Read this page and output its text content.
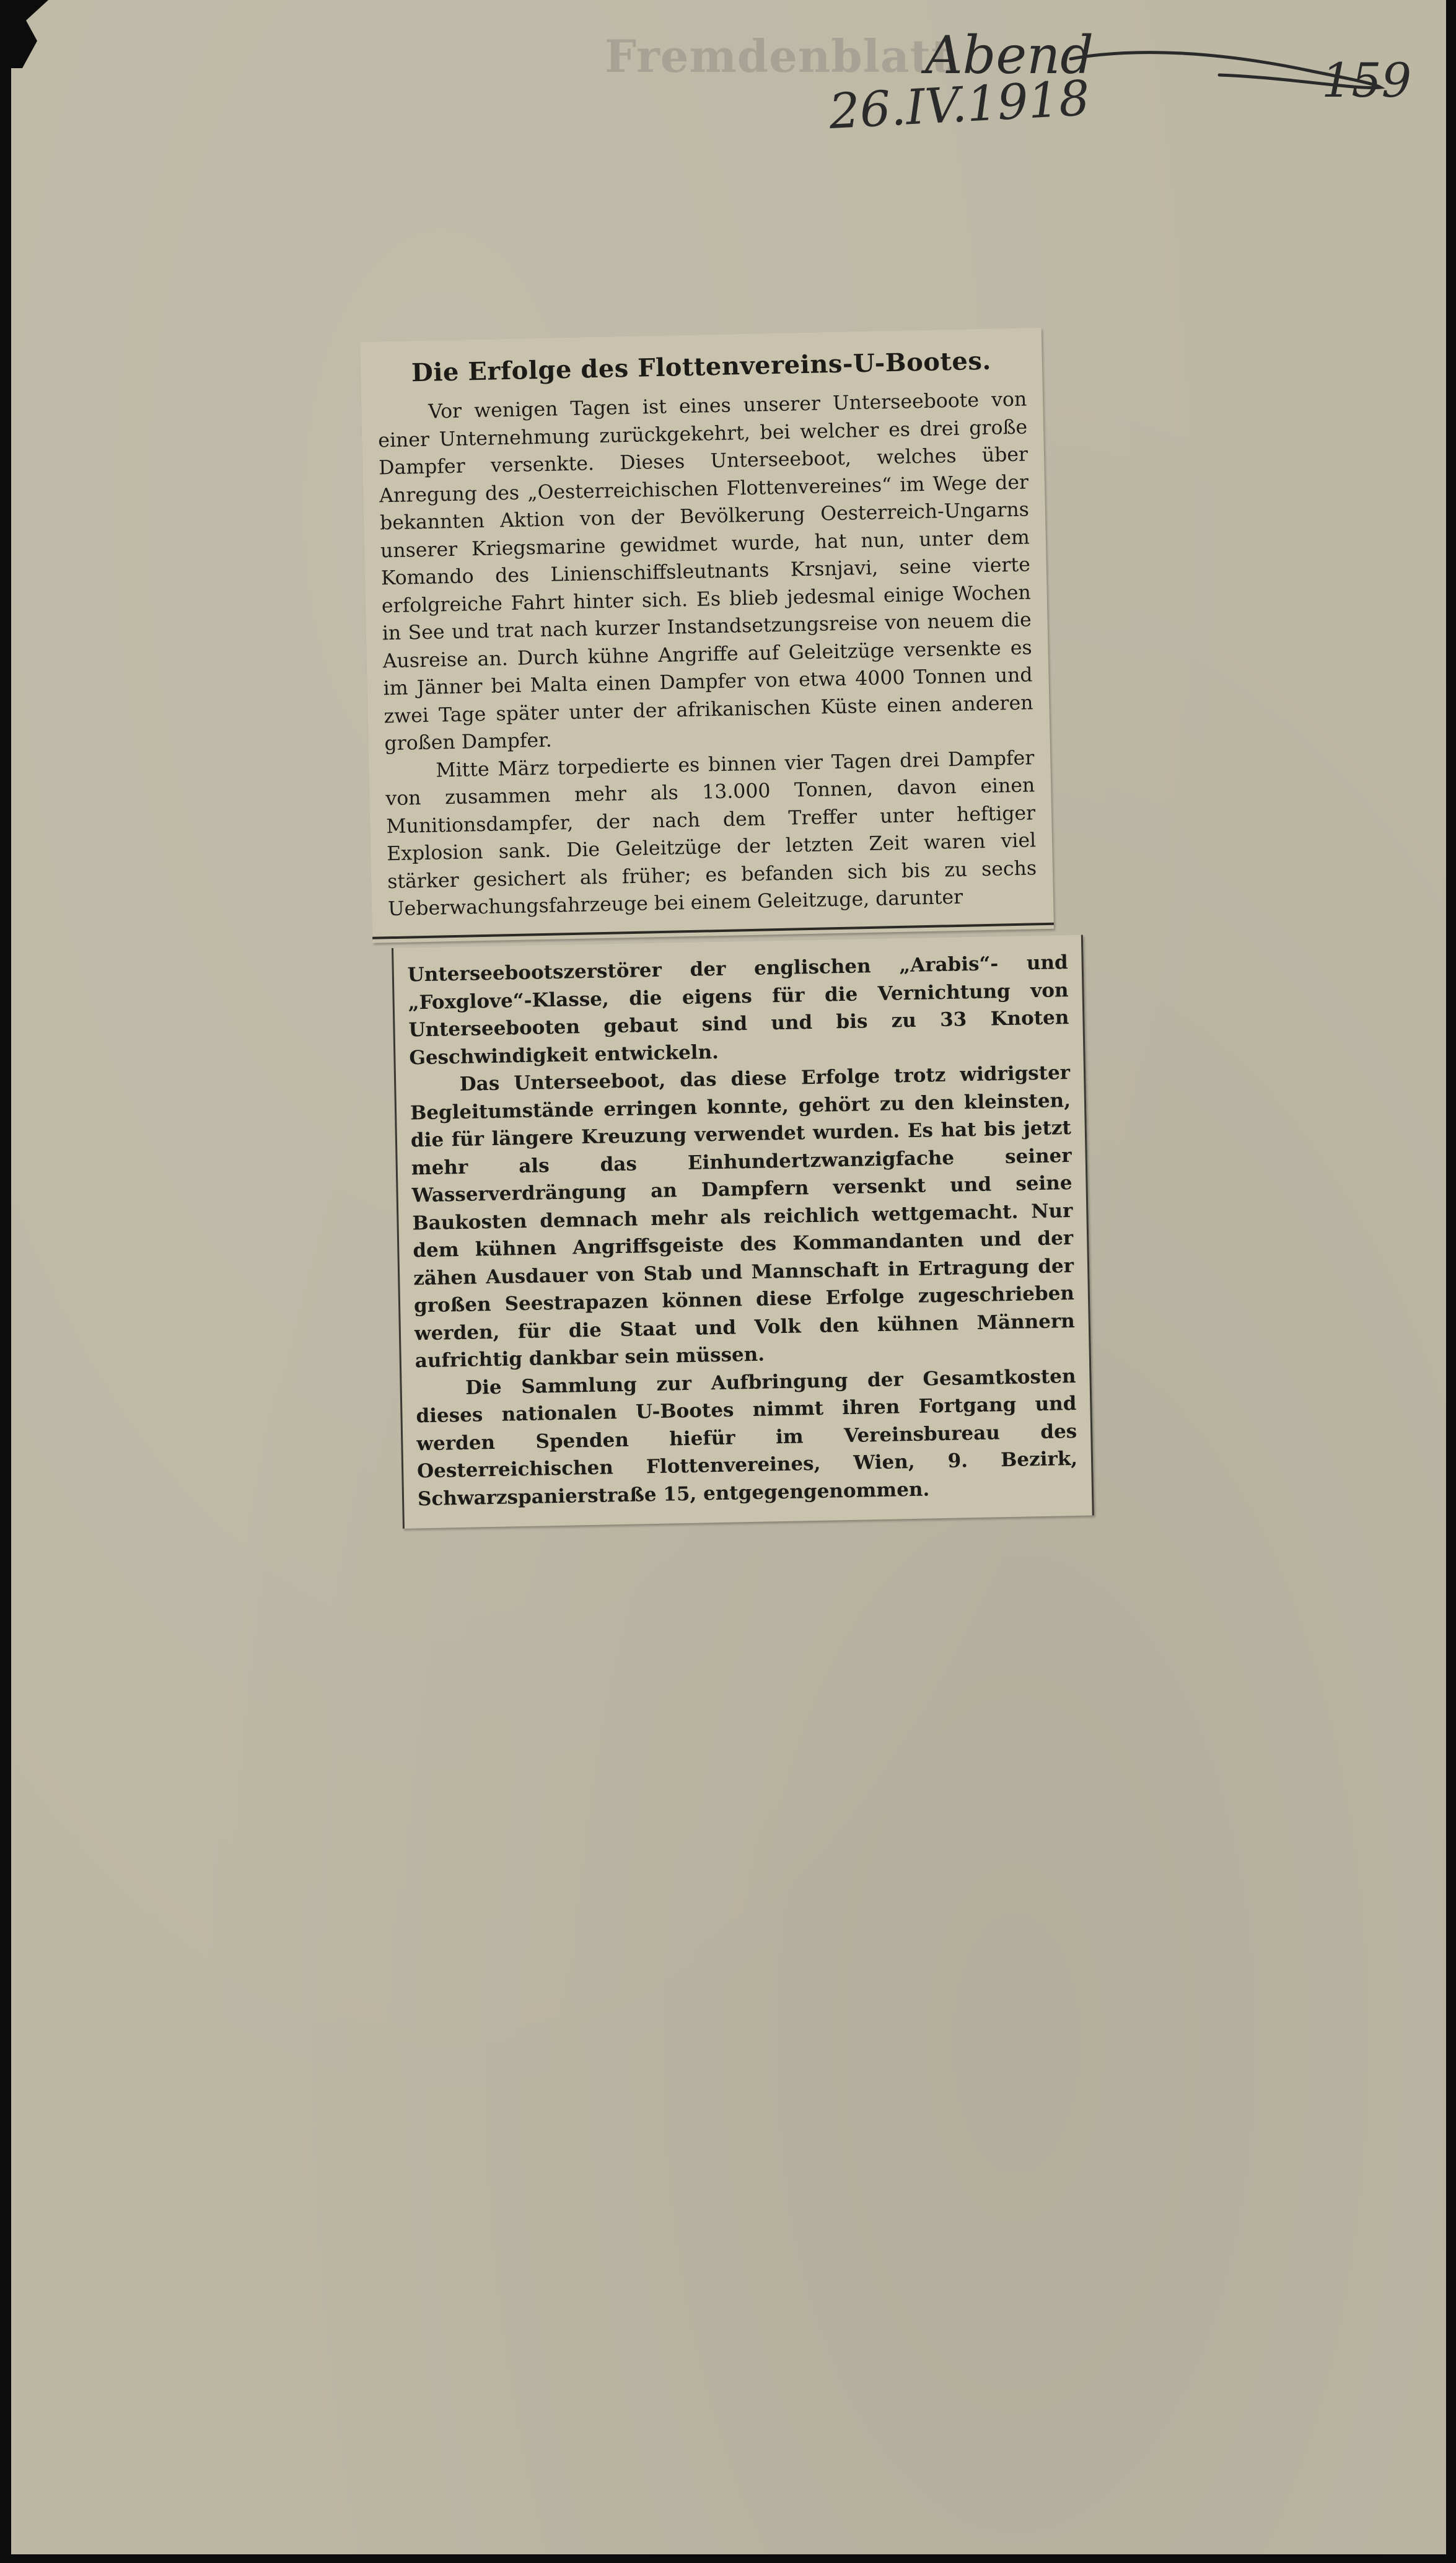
Fremdenblatt
Abend
26.IV.1918	159
Die Erfolge des Flottenvereins-U-Bootes.

Vor wenigen Tagen ist eines unserer Unterseeboote von einer Unternehmung zurückgekehrt, bei welcher es drei große Dampfer versenkte. Dieses Unterseeboot, welches über Anregung des „Oesterreichischen Flottenvereines“ im Wege der bekannten Aktion von der Bevölkerung Oesterreich-Ungarns unserer Kriegsmarine gewidmet wurde, hat nun, unter dem Komando des Linienschiffsleutnants Krsnjavi, seine vierte erfolgreiche Fahrt hinter sich. Es blieb jedesmal einige Wochen in See und trat nach kurzer Instandsetzungsreise von neuem die Ausreise an. Durch kühne Angriffe auf Geleitzüge versenkte es im Jänner bei Malta einen Dampfer von etwa 4000 Tonnen und zwei Tage später unter der afrikanischen Küste einen anderen großen Dampfer.

Mitte März torpedierte es binnen vier Tagen drei Dampfer von zusammen mehr als 13.000 Tonnen, davon einen Munitionsdampfer, der nach dem Treffer unter heftiger Explosion sank. Die Geleitzüge der letzten Zeit waren viel stärker gesichert als früher; es befanden sich bis zu sechs Ueberwachungsfahrzeuge bei einem Geleitzuge, darunter

Unterseebootszerstörer der englischen „Arabis“- und „Foxglove“-Klasse, die eigens für die Vernichtung von Unterseebooten gebaut sind und bis zu 33 Knoten Geschwindigkeit entwickeln.

Das Unterseeboot, das diese Erfolge trotz widrigster Begleitumstände erringen konnte, gehört zu den kleinsten, die für längere Kreuzung verwendet wurden. Es hat bis jetzt mehr als das Einhundertzwanzigfache seiner Wasserverdrängung an Dampfern versenkt und seine Baukosten demnach mehr als reichlich wettgemacht. Nur dem kühnen Angriffsgeiste des Kommandanten und der zähen Ausdauer von Stab und Mannschaft in Ertragung der großen Seestrapazen können diese Erfolge zugeschrieben werden, für die Staat und Volk den kühnen Männern aufrichtig dankbar sein müssen.

Die Sammlung zur Aufbringung der Gesamtkosten dieses nationalen U-Bootes nimmt ihren Fortgang und werden Spenden hiefür im Vereinsbureau des Oesterreichischen Flottenvereines, Wien, 9. Bezirk, Schwarzspanierstraße 15, entgegengenommen.
